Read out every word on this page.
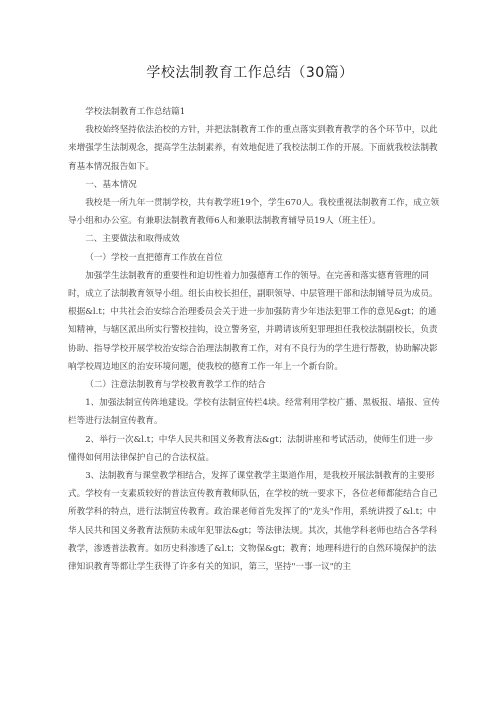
学校法制教育工作总结（30篇）

学校法制教育工作总结篇1

我校始终坚持依法治校的方针，并把法制教育工作的重点落实到教育教学的各个环节中，以此来增强学生法制观念，提高学生法制素养，有效地促进了我校法制工作的开展。下面就我校法制教育基本情况报告如下。

一、基本情况

我校是一所九年一贯制学校，共有教学班19个，学生670人。我校重视法制教育工作，成立领导小组和办公室。有兼职法制教育教师6人和兼职法制教育辅导员19人（班主任）。

二、主要做法和取得成效

（一）学校一直把德育工作放在首位

加强学生法制教育的重要性和迫切性着力加强德育工作的领导。在完善和落实德育管理的同时，成立了法制教育领导小组。组长由校长担任，副职领导、中层管理干部和法制辅导员为成员。根据&l.t；中共社会治安综合治理委员会关于进一步加强防青少年违法犯罪工作的意见&gt；的通知精神，与辖区派出所实行警校挂钩，设立警务室，并聘请该所犯罪理担任我校法制副校长，负责协助、指导学校开展学校治安综合治理法制教育工作，对有不良行为的学生进行帮教，协助解决影响学校周边地区的治安环境问题，使我校的德育工作一年上一个新台阶。

（二）注意法制教育与学校教育教学工作的结合

1、加强法制宣传阵地建设。学校有法制宣传栏4块。经常利用学校广播、黑板报、墙报、宣传栏等进行法制宣传教育。

2、举行一次&l.t；中华人民共和国义务教育法&gt；法制讲座和考试活动，使师生们进一步懂得如何用法律保护自己的合法权益。

3、法制教育与课堂教学相结合，发挥了课堂教学主渠道作用，是我校开展法制教育的主要形式。学校有一支素质较好的普法宣传教育教师队伍，在学校的统一要求下，各位老师都能结合自己所教学科的特点，进行法制宣传教育。政治课老师首先发挥了的"龙头"作用，系统讲授了&l.t；中华人民共和国义务教育法预防未成年犯罪法&gt；等法律法规。其次，其他学科老师也结合各学科教学，渗透普法教育。如历史科渗透了&l.t；文物保&gt；教育；地理科进行的自然环境保护的法律知识教育等都让学生获得了许多有关的知识，第三，坚持"一事一议"的主
